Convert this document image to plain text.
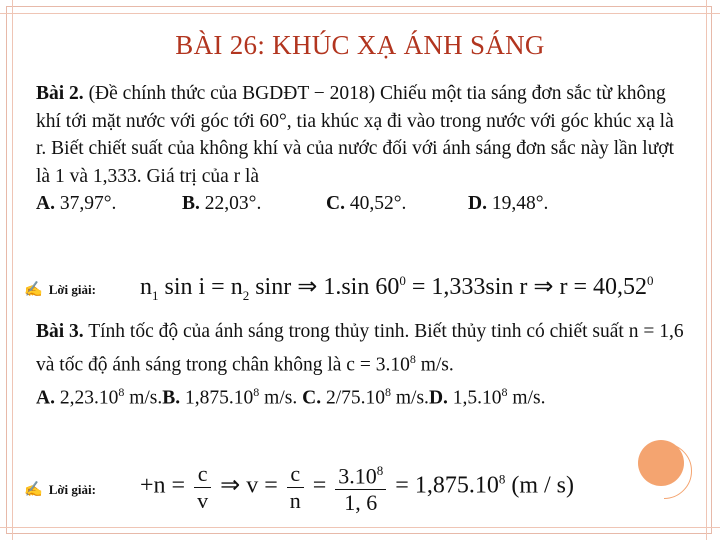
BÀI 26: KHÚC XẠ ÁNH SÁNG
Bài 2. (Đề chính thức của BGDĐT − 2018) Chiếu một tia sáng đơn sắc từ không khí tới mặt nước với góc tới 60°, tia khúc xạ đi vào trong nước với góc khúc xạ là r. Biết chiết suất của không khí và của nước đối với ánh sáng đơn sắc này lần lượt là 1 và 1,333. Giá trị của r là
A. 37,97°.	B. 22,03°.	C. 40,52°.	D. 19,48°.
✍ Lời giải: $n_1$ $\sin i = n_2$ sinr ⇒ 1.sin $60^0 = 1,333\sin$ r ⇒ $r = 40,52^0$
Bài 3. Tính tốc độ của ánh sáng trong thủy tinh. Biết thủy tinh có chiết suất n = 1,6 và tốc độ ánh sáng trong chân không là $c = 3.10^8$ m/s.
A. 2,23.10$^8$ m/s.B. 1,875.10$^8$ m/s. C. 2/75.10$^8$ m/s.D. 1,5.10$^8$ m/s.
✍ Lời giải: $+n = \frac{c}{v}$ ⇒ $v = \frac{c}{n} = \frac{3.10^8}{1, 6} = 1,875.10^8$ (m / s)
